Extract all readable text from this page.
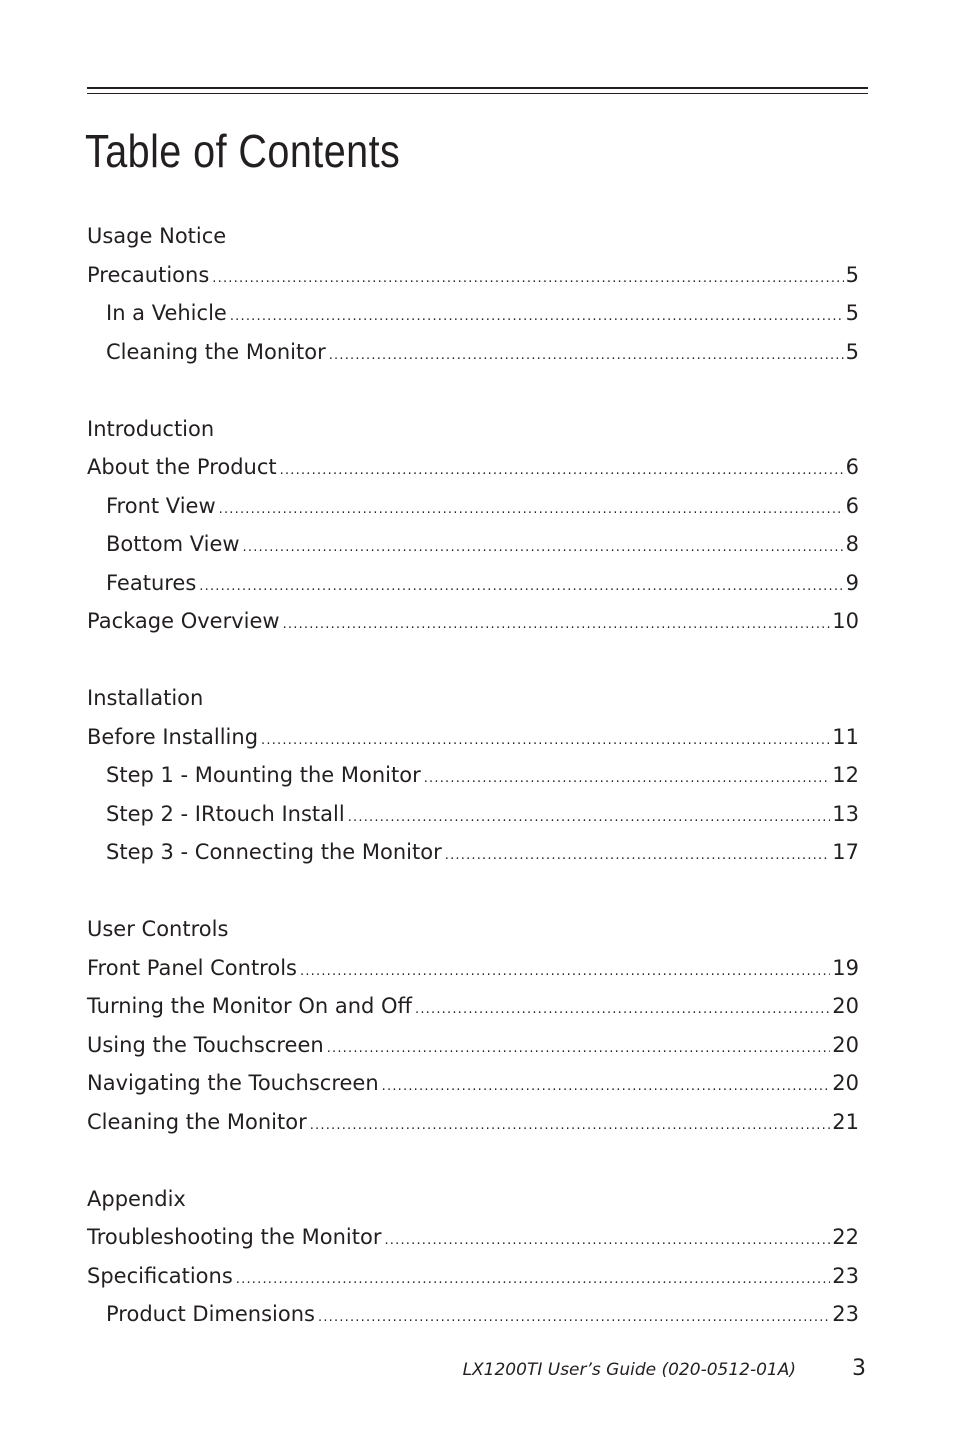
Table of Contents
Usage Notice
Precautions .....	5
In a Vehicle .....	5
Cleaning the Monitor .....	5
Introduction
About the Product .....	6
Front View .....	6
Bottom View .....	8
Features .....	9
Package Overview .....	10
Installation
Before Installing .....	11
Step 1 - Mounting the Monitor .....	12
Step 2 - IRtouch Install .....	13
Step 3 - Connecting the Monitor .....	17
User Controls
Front Panel Controls .....	19
Turning the Monitor On and Off .....	20
Using the Touchscreen .....	20
Navigating the Touchscreen .....	20
Cleaning the Monitor .....	21
Appendix
Troubleshooting the Monitor .....	22
Specifications .....	23
Product Dimensions .....	23
LX1200TI User’s Guide (020-0512-01A)	3
